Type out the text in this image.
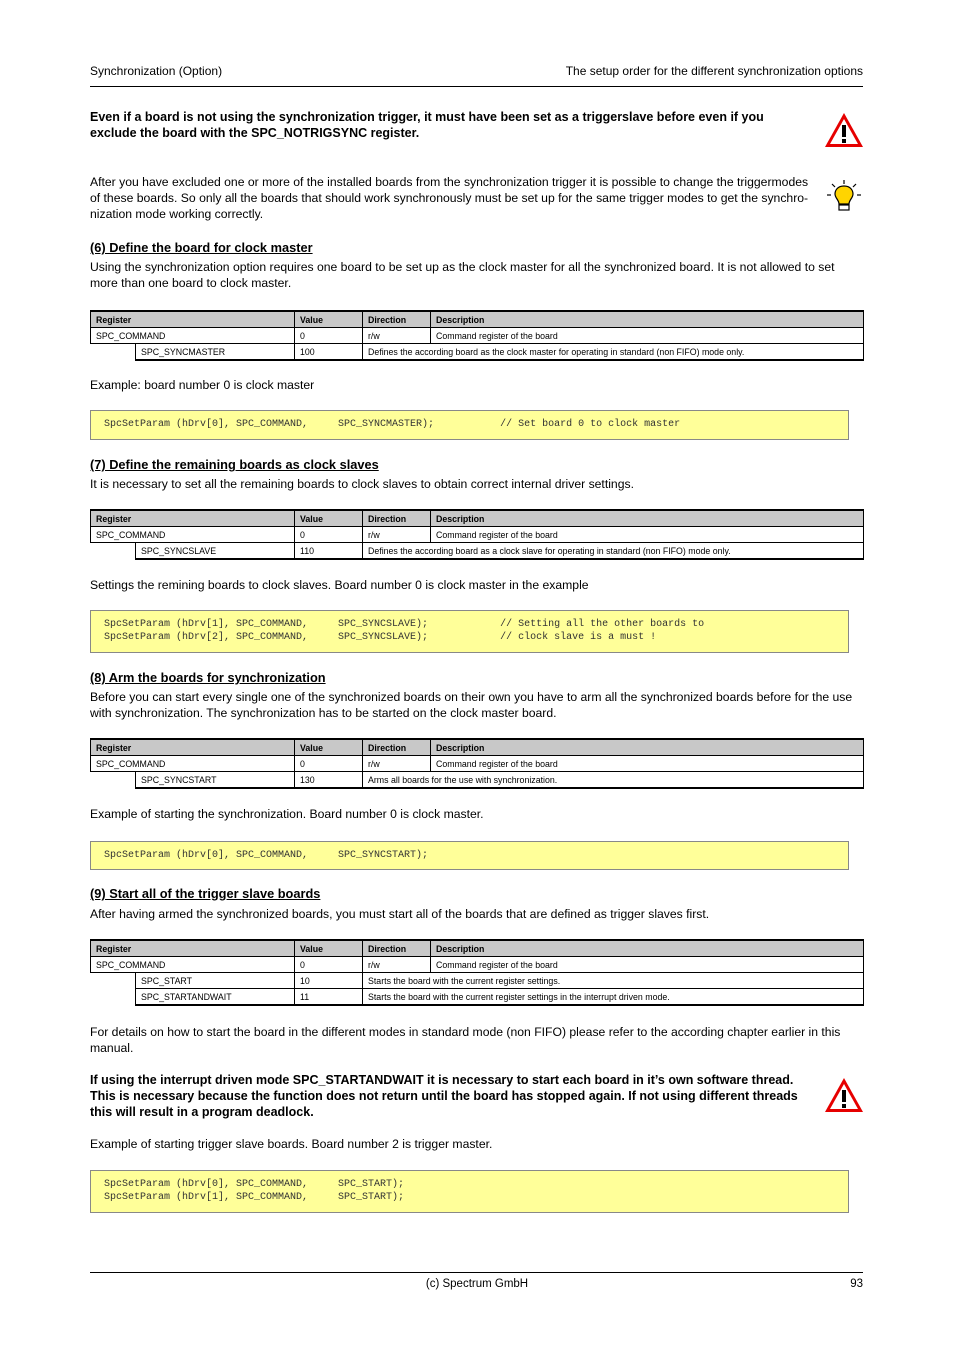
Synchronization (Option)	The setup order for the different synchronization options
Even if a board is not using the synchronization trigger, it must have been set as a triggerslave before even if you exclude the board with the SPC_NOTRIGSYNC register.
After you have excluded one or more of the installed boards from the synchronization trigger it is possible to change the triggermodes of these boards. So only all the boards that should work synchronously must be set up for the same trigger modes to get the synchro-nization mode working correctly.
(6) Define the board for clock master
Using the synchronization option requires one board to be set up as the clock master for all the synchronized board. It is not allowed to set more than one board to clock master.
Register		Value	Direction	Description
SPC_COMMAND		0	r/w	Command register of the board
	SPC_SYNCMASTER	100	Defines the according board as the clock master for operating in standard (non FIFO) mode only.	
Example: board number 0 is clock master
SpcSetParam (hDrv[0], SPC_COMMAND,     SPC_SYNCMASTER);           // Set board 0 to clock master
(7) Define the remaining boards as clock slaves
It is necessary to set all the remaining boards to clock slaves to obtain correct internal driver settings.
Register		Value	Direction	Description
SPC_COMMAND		0	r/w	Command register of the board
	SPC_SYNCSLAVE	110	Defines the according board as a clock slave for operating in standard (non FIFO) mode only.	
Settings the remining boards to clock slaves. Board number 0 is clock master in the example
SpcSetParam (hDrv[1], SPC_COMMAND,     SPC_SYNCSLAVE);            // Setting all the other boards to
SpcSetParam (hDrv[2], SPC_COMMAND,     SPC_SYNCSLAVE);            // clock slave is a must !
(8) Arm the boards for synchronization
Before you can start every single one of the synchronized boards on their own you have to arm all the synchronized boards before for the use with synchronization. The synchronization has to be started on the clock master board.
Register		Value	Direction	Description
SPC_COMMAND		0	r/w	Command register of the board
	SPC_SYNCSTART	130	Arms all boards for the use with synchronization.	
Example of starting the synchronization. Board number 0 is clock master.
SpcSetParam (hDrv[0], SPC_COMMAND,     SPC_SYNCSTART);
(9) Start all of the trigger slave boards
After having armed the synchronized boards, you must start all of the boards that are defined as trigger slaves first.
Register		Value	Direction	Description
SPC_COMMAND		0	r/w	Command register of the board
	SPC_START	10	Starts the board with the current register settings.	
	SPC_STARTANDWAIT	11	Starts the board with the current register settings in the interrupt driven mode.	
For details on how to start the board in the different modes in standard mode (non FIFO) please refer to the according chapter earlier in this manual.
If using the interrupt driven mode SPC_STARTANDWAIT it is necessary to start each board in it’s own software thread. This is necessary because the function does not return until the board has stopped again. If not using different threads this will result in a program deadlock.
Example of starting trigger slave boards. Board number 2 is trigger master.
SpcSetParam (hDrv[0], SPC_COMMAND,     SPC_START);
SpcSetParam (hDrv[1], SPC_COMMAND,     SPC_START);
(c) Spectrum GmbH	93
